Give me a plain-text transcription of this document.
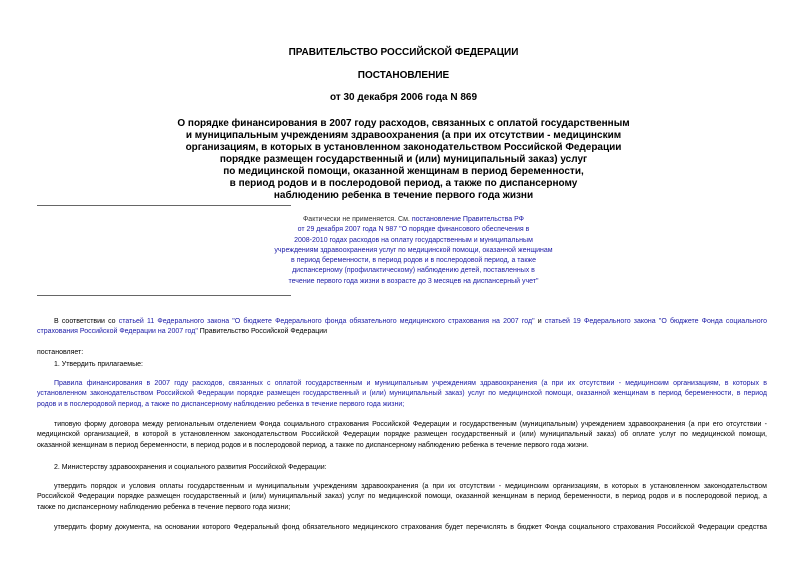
ПРАВИТЕЛЬСТВО РОССИЙСКОЙ ФЕДЕРАЦИИ
ПОСТАНОВЛЕНИЕ
от 30 декабря 2006 года N 869
О порядке финансирования в 2007 году расходов, связанных с оплатой государственным
и муниципальным учреждениям здравоохранения (а при их отсутствии - медицинским
организациям, в которых в установленном законодательством Российской Федерации
порядке размещен государственный и (или) муниципальный заказ) услуг
по медицинской помощи, оказанной женщинам в период беременности,
в период родов и в послеродовой период, а также по диспансерному
наблюдению ребенка в течение первого года жизни
Фактически не применяется. См. постановление Правительства РФ
от 29 декабря 2007 года N 987 "О порядке финансового обеспечения в
2008-2010 годах расходов на оплату государственным и муниципальным
учреждениям здравоохранения услуг по медицинской помощи, оказанной женщинам
в период беременности, в период родов и в послеродовой период, а также
диспансерному (профилактическому) наблюдению детей, поставленных в
течение первого года жизни в возрасте до 3 месяцев на диспансерный учет"
В соответствии со статьей 11 Федерального закона "О бюджете Федерального фонда обязательного медицинского страхования на 2007 год" и статьей 19 Федерального закона "О бюджете Фонда социального
страхования Российской Федерации на 2007 год" Правительство Российской Федерации
постановляет:
1. Утвердить прилагаемые:
Правила финансирования в 2007 году расходов, связанных с оплатой государственным и муниципальным учреждениям здравоохранения (а при их отсутствии - медицинским организациям, в которых в
установленном законодательством Российской Федерации порядке размещен государственный и (или) муниципальный заказ) услуг по медицинской помощи, оказанной женщинам в период беременности, в период
родов и в послеродовой период, а также по диспансерному наблюдению ребенка в течение первого года жизни;
типовую форму договора между региональным отделением Фонда социального страхования Российской Федерации и государственным (муниципальным) учреждением здравоохранения (а при его отсутствии -
медицинской организацией, в которой в установленном законодательством Российской Федерации порядке размещен государственный и (или) муниципальный заказ) об оплате услуг по медицинской помощи,
оказанной женщинам в период беременности, в период родов и в послеродовой период, а также по диспансерному наблюдению ребенка в течение первого года жизни.
2. Министерству здравоохранения и социального развития Российской Федерации:
утвердить порядок и условия оплаты государственным и муниципальным учреждениям здравоохранения (а при их отсутствии - медицинским организациям, в которых в установленном законодательством
Российской Федерации порядке размещен государственный и (или) муниципальный заказ) услуг по медицинской помощи, оказанной женщинам в период беременности, в период родов и в послеродовой период, а
также по диспансерному наблюдению ребенка в течение первого года жизни;
утвердить форму документа, на основании которого Федеральный фонд обязательного медицинского страхования будет перечислять в бюджет Фонда социального страхования Российской Федерации средства
